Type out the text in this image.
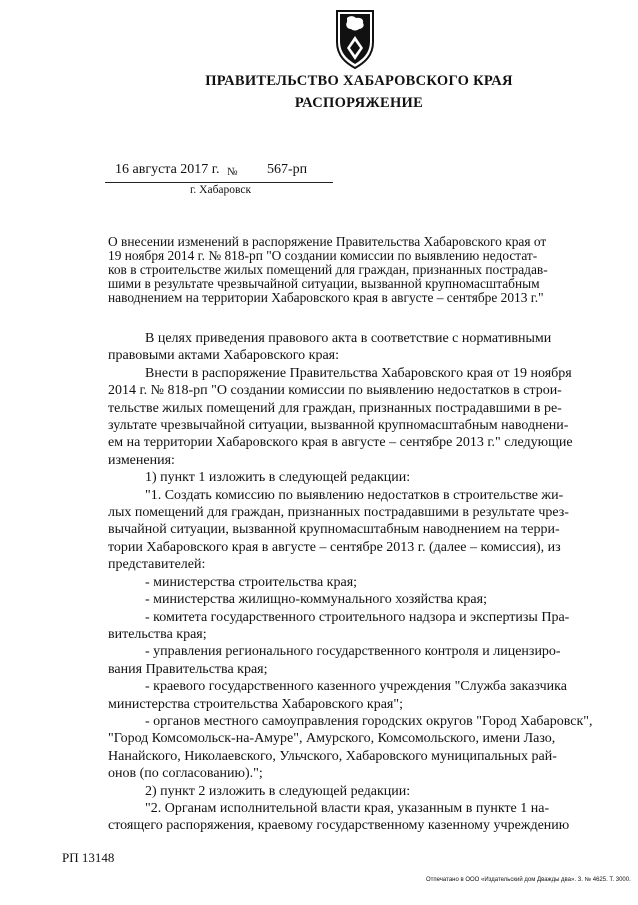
ПРАВИТЕЛЬСТВО ХАБАРОВСКОГО КРАЯ
РАСПОРЯЖЕНИЕ
16 августа 2017 г. № 567-рп
г. Хабаровск
О внесении изменений в распоряжение Правительства Хабаровского края от
19 ноября 2014 г. № 818-рп "О создании комиссии по выявлению недостат-
ков в строительстве жилых помещений для граждан, признанных пострадав-
шими в результате чрезвычайной ситуации, вызванной крупномасштабным
наводнением на территории Хабаровского края в августе – сентябре 2013 г."
В целях приведения правового акта в соответствие с нормативными
правовыми актами Хабаровского края:
Внести в распоряжение Правительства Хабаровского края от 19 ноября
2014 г. № 818-рп "О создании комиссии по выявлению недостатков в строи-
тельстве жилых помещений для граждан, признанных пострадавшими в ре-
зультате чрезвычайной ситуации, вызванной крупномасштабным наводнени-
ем на территории Хабаровского края в августе – сентябре 2013 г." следующие
изменения:
1) пункт 1 изложить в следующей редакции:
"1. Создать комиссию по выявлению недостатков в строительстве жи-
лых помещений для граждан, признанных пострадавшими в результате чрез-
вычайной ситуации, вызванной крупномасштабным наводнением на терри-
тории Хабаровского края в августе – сентябре 2013 г. (далее – комиссия), из
представителей:
- министерства строительства края;
- министерства жилищно-коммунального хозяйства края;
- комитета государственного строительного надзора и экспертизы Пра-
вительства края;
- управления регионального государственного контроля и лицензиро-
вания Правительства края;
- краевого государственного казенного учреждения "Служба заказчика
министерства строительства Хабаровского края";
- органов местного самоуправления городских округов "Город Хабаровск",
"Город Комсомольск-на-Амуре", Амурского, Комсомольского, имени Лазо,
Нанайского, Николаевского, Ульчского, Хабаровского муниципальных рай-
онов (по согласованию).";
2) пункт 2 изложить в следующей редакции:
"2. Органам исполнительной власти края, указанным в пункте 1 на-
стоящего распоряжения, краевому государственному казенному учреждению
РП 13148
Отпечатано в ООО «Издательский дом Дважды два». З. № 4625. Т. 3000.
